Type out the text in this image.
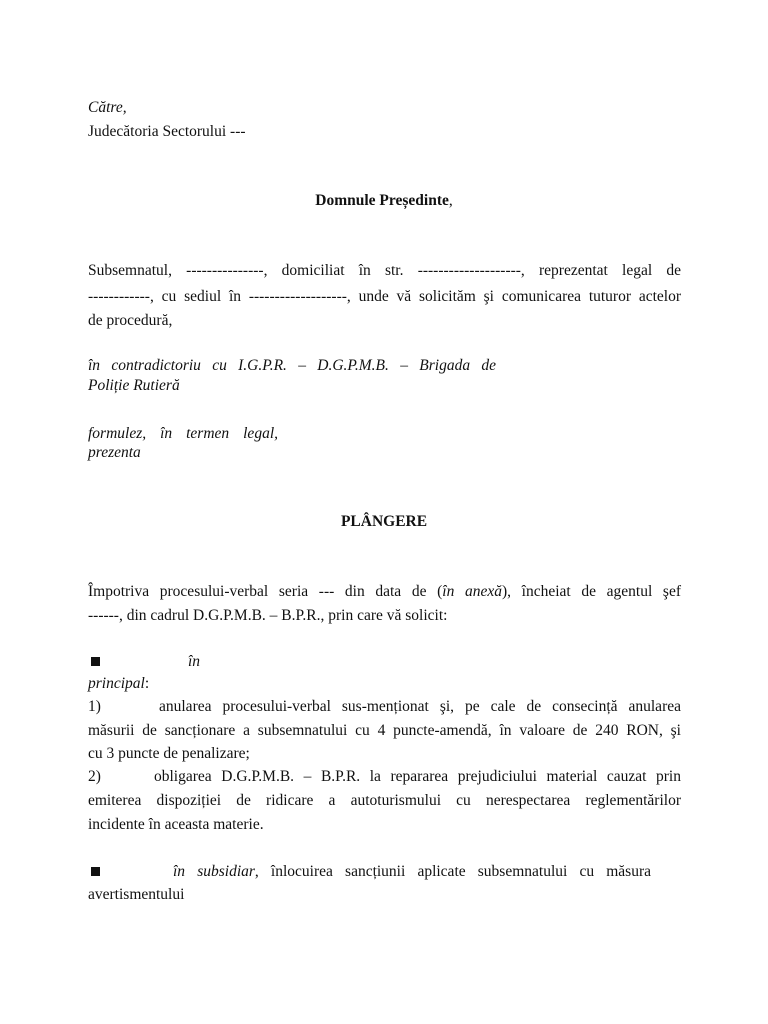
Către,
Judecătoria Sectorului ---
Domnule Președinte,
Subsemnatul, ---------------, domiciliat în str. --------------------, reprezentat legal de
------------, cu sediul în -------------------, unde vă solicităm şi comunicarea tuturor actelor
de procedură,
în contradictoriu cu I.G.P.R. – D.G.P.M.B. – Brigada de
Poliție Rutieră
formulez, în termen legal,
prezenta
PLÂNGERE
Împotriva procesului-verbal seria --- din data de (în anexă), încheiat de agentul şef
------, din cadrul D.G.P.M.B. – B.P.R., prin care vă solicit:
în
principal:
1)	anularea procesului-verbal sus-menționat şi, pe cale de consecință anularea
măsurii de sancționare a subsemnatului cu 4 puncte-amendă, în valoare de 240 RON, şi
cu 3 puncte de penalizare;
2)	obligarea D.G.P.M.B. – B.P.R. la repararea prejudiciului material cauzat prin
emiterea dispoziției de ridicare a autoturismului cu nerespectarea reglementărilor
incidente în aceasta materie.
în subsidiar, înlocuirea sancțiunii aplicate subsemnatului cu măsura
avertismentului
